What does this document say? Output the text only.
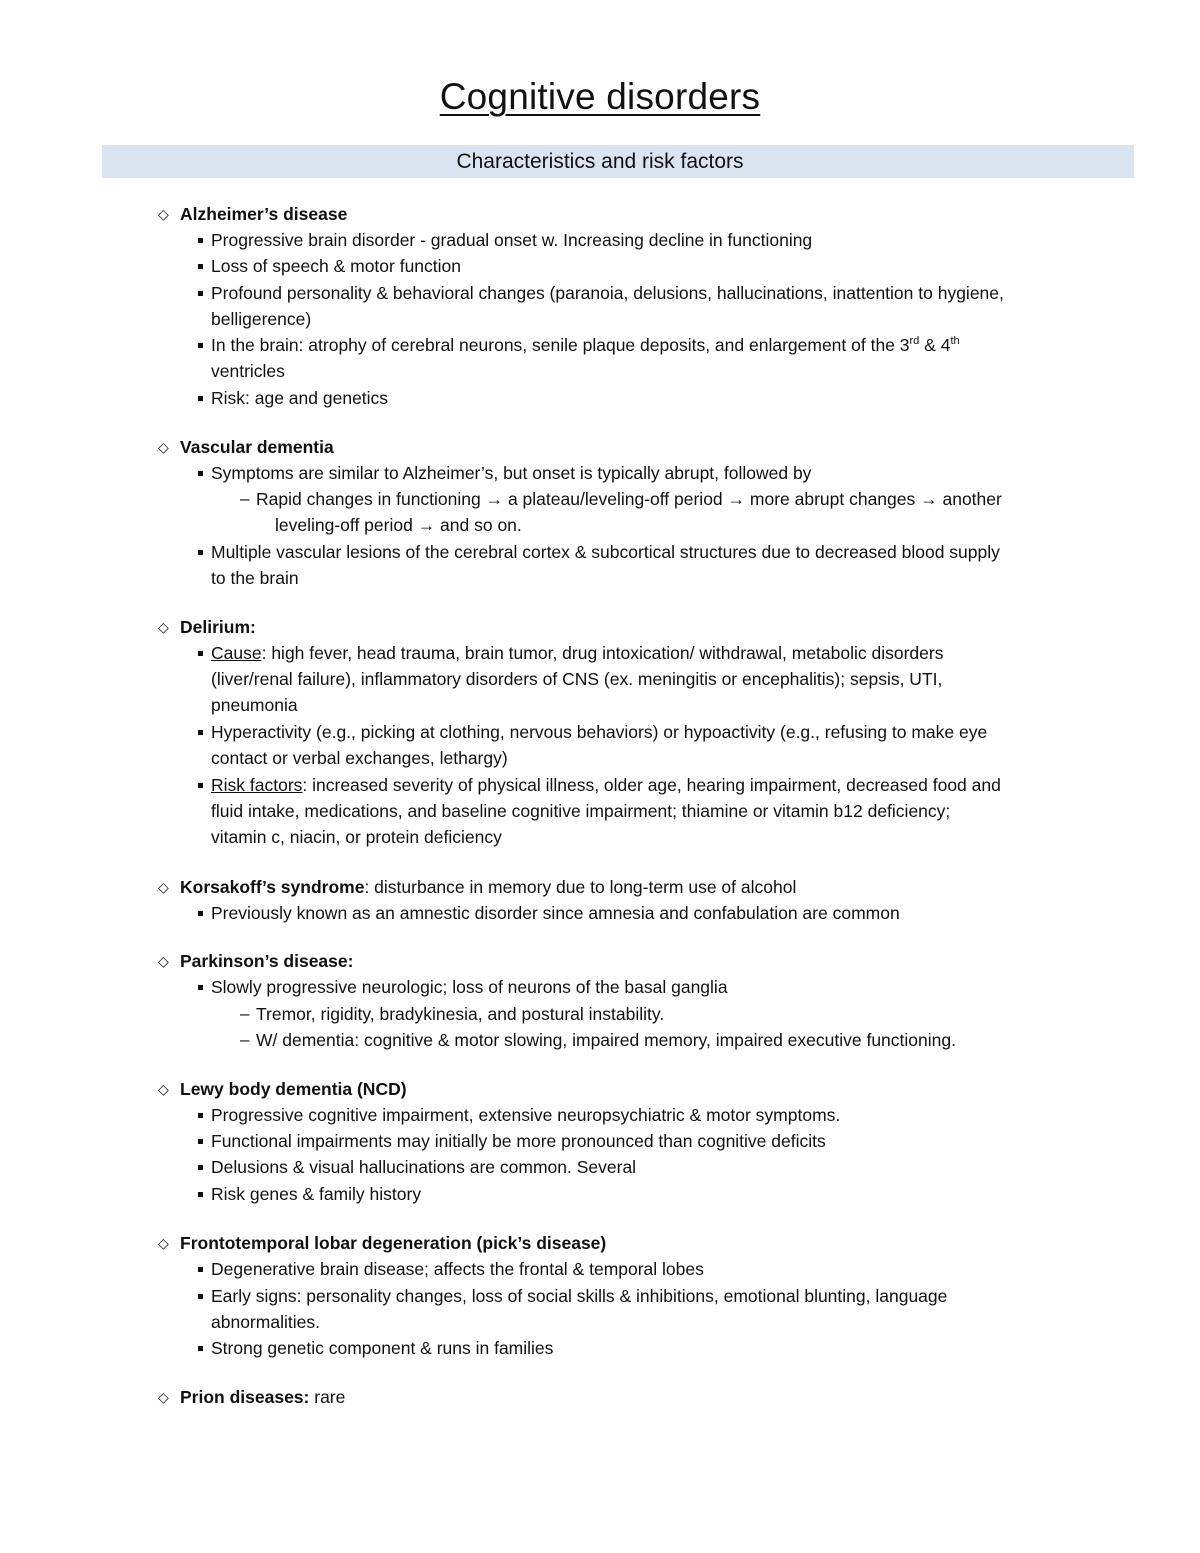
Cognitive disorders
Characteristics and risk factors
◇ Alzheimer’s disease
Progressive brain disorder - gradual onset w. Increasing decline in functioning
Loss of speech & motor function
Profound personality & behavioral changes (paranoia, delusions, hallucinations, inattention to hygiene,
belligerence)
In the brain: atrophy of cerebral neurons, senile plaque deposits, and enlargement of the 3rd & 4th
ventricles
Risk: age and genetics
◇ Vascular dementia
Symptoms are similar to Alzheimer’s, but onset is typically abrupt, followed by
– Rapid changes in functioning → a plateau/leveling-off period → more abrupt changes → another
leveling-off period → and so on.
Multiple vascular lesions of the cerebral cortex & subcortical structures due to decreased blood supply
to the brain
◇ Delirium:
Cause: high fever, head trauma, brain tumor, drug intoxication/ withdrawal, metabolic disorders
(liver/renal failure), inflammatory disorders of CNS (ex. meningitis or encephalitis); sepsis, UTI,
pneumonia
Hyperactivity (e.g., picking at clothing, nervous behaviors) or hypoactivity (e.g., refusing to make eye
contact or verbal exchanges, lethargy)
Risk factors: increased severity of physical illness, older age, hearing impairment, decreased food and
fluid intake, medications, and baseline cognitive impairment; thiamine or vitamin b12 deficiency;
vitamin c, niacin, or protein deficiency
◇ Korsakoff’s syndrome: disturbance in memory due to long-term use of alcohol
Previously known as an amnestic disorder since amnesia and confabulation are common
◇ Parkinson’s disease:
Slowly progressive neurologic; loss of neurons of the basal ganglia
– Tremor, rigidity, bradykinesia, and postural instability.
– W/ dementia: cognitive & motor slowing, impaired memory, impaired executive functioning.
◇ Lewy body dementia (NCD)
Progressive cognitive impairment, extensive neuropsychiatric & motor symptoms.
Functional impairments may initially be more pronounced than cognitive deficits
Delusions & visual hallucinations are common. Several
Risk genes & family history
◇ Frontotemporal lobar degeneration (pick’s disease)
Degenerative brain disease; affects the frontal & temporal lobes
Early signs: personality changes, loss of social skills & inhibitions, emotional blunting, language
abnormalities.
Strong genetic component & runs in families
◇ Prion diseases: rare
